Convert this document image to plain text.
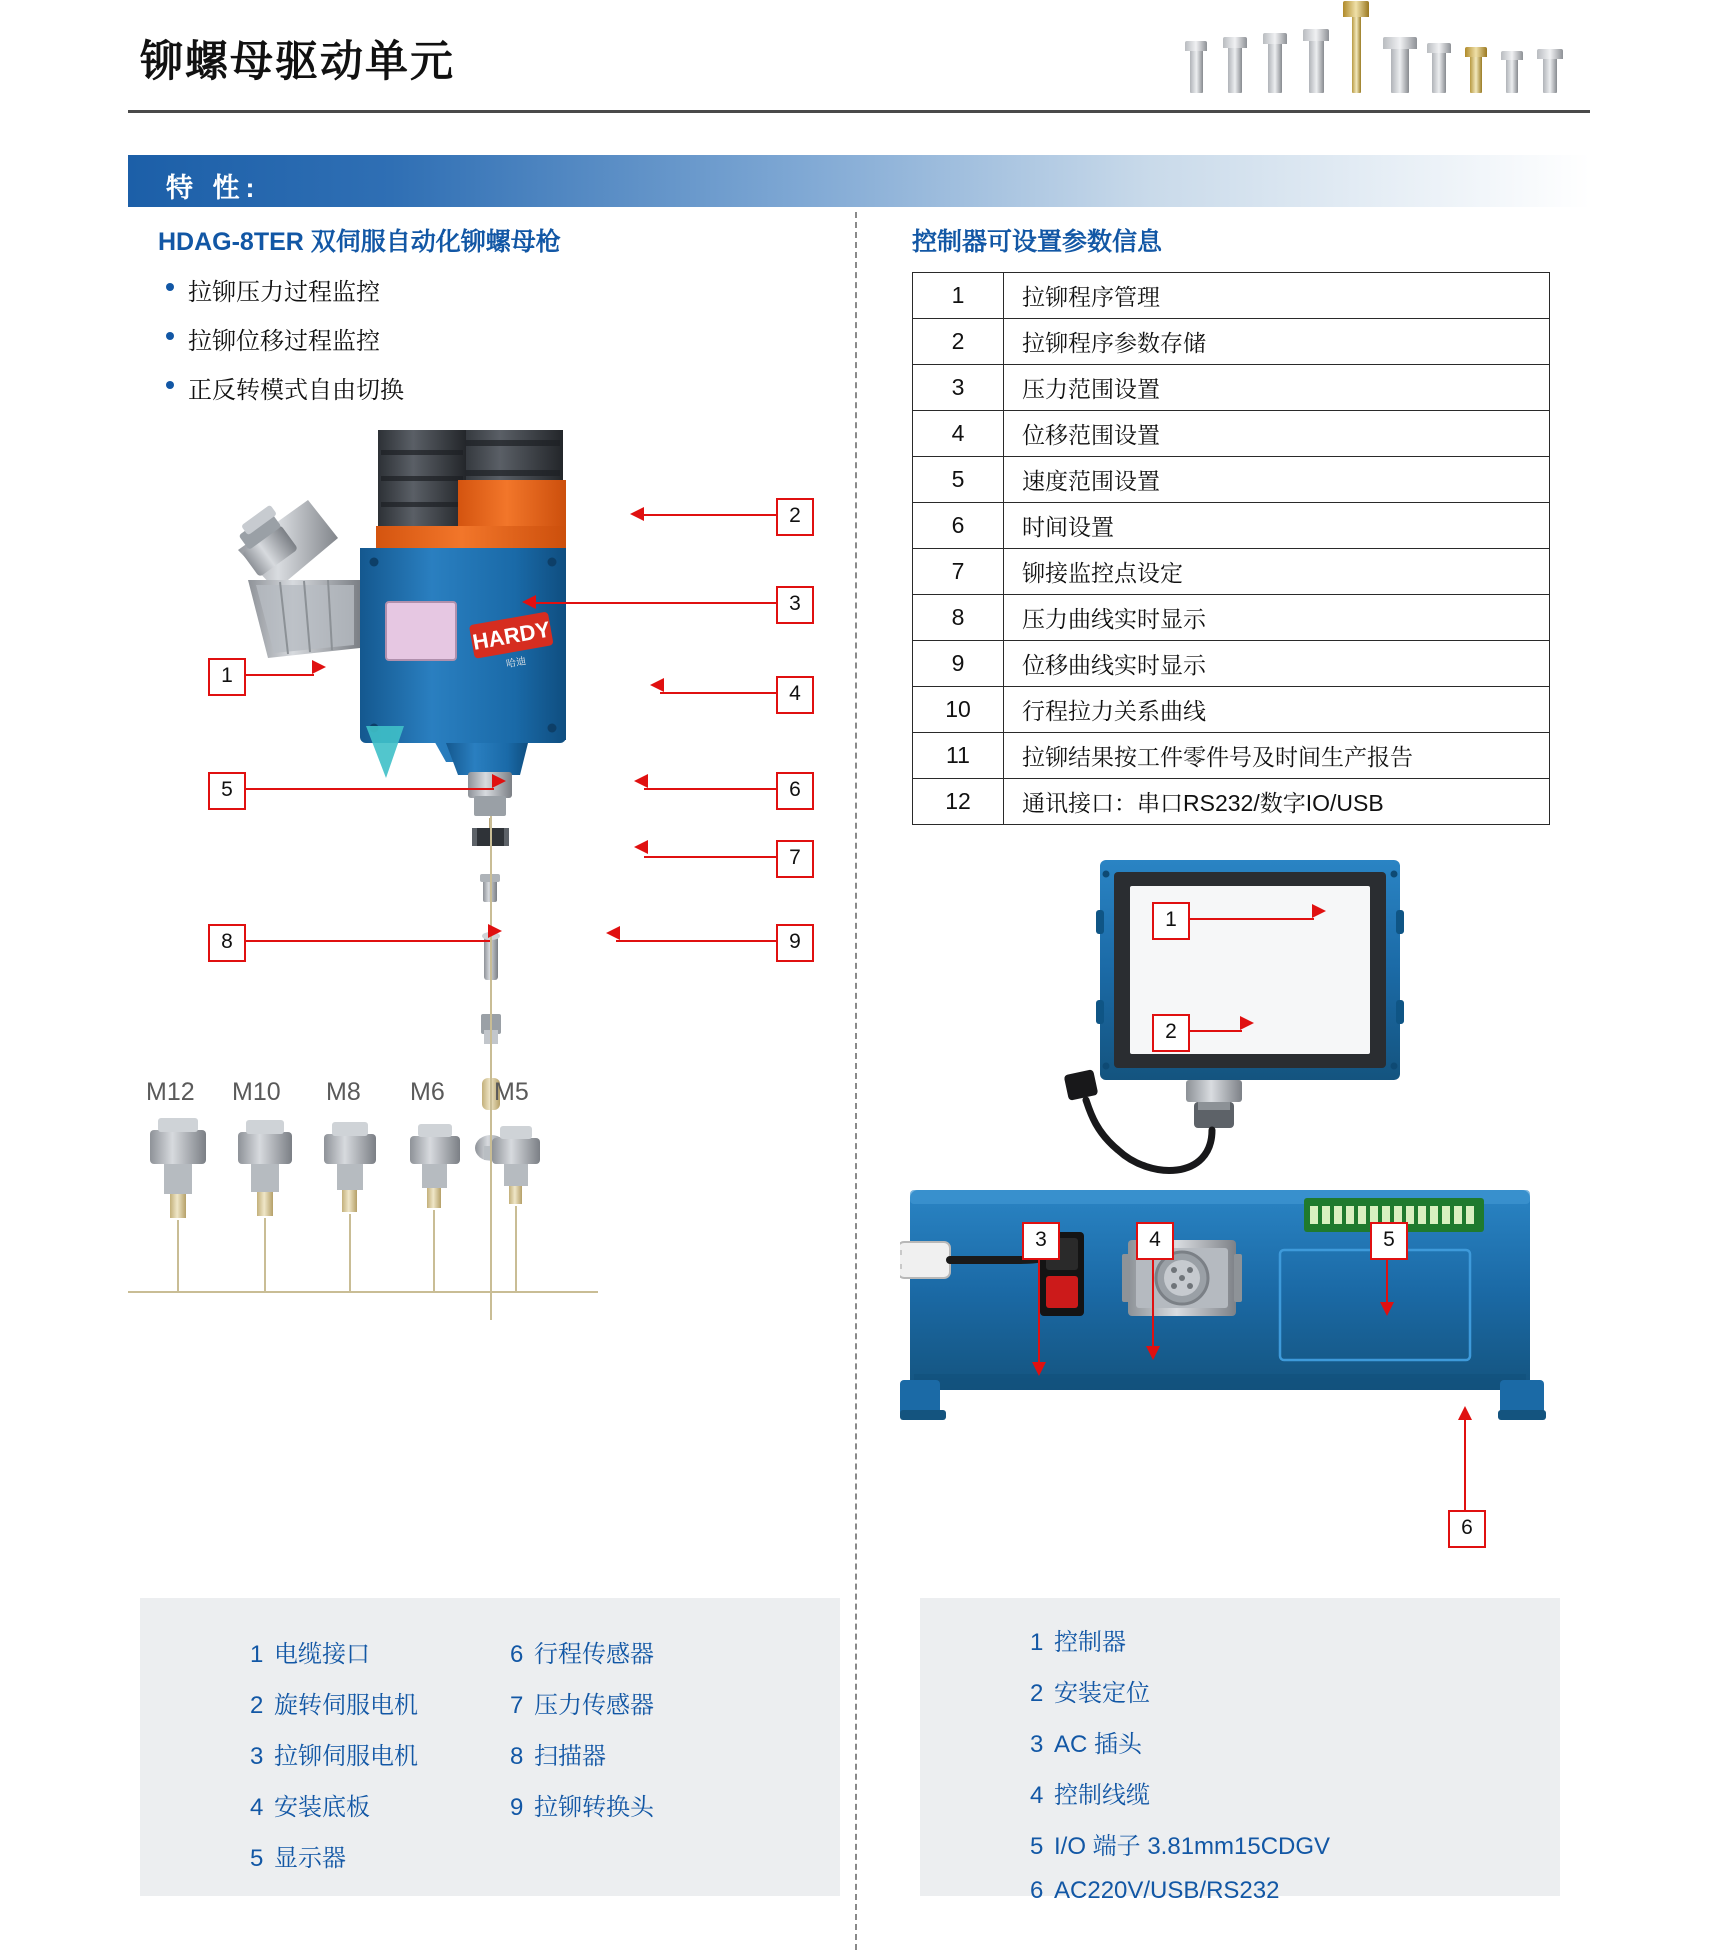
铆螺母驱动单元
特 性:
HDAG-8TER 双伺服自动化铆螺母枪
拉铆压力过程监控
拉铆位移过程监控
正反转模式自由切换
控制器可设置参数信息
1	拉铆程序管理
2	拉铆程序参数存储
3	压力范围设置
4	位移范围设置
5	速度范围设置
6	时间设置
7	铆接监控点设定
8	压力曲线实时显示
9	位移曲线实时显示
10	行程拉力关系曲线
11	拉铆结果按工件零件号及时间生产报告
12	通讯接口：串口RS232/数字IO/USB
HARDY
哈迪
M12 M10 M8 M6 M5
2
3
1
4
5	6
7
8	9
1
2
3	4	5
6
1 电缆接口
2 旋转伺服电机
3 拉铆伺服电机
4 安装底板
5 显示器
6 行程传感器
7 压力传感器
8 扫描器
9 拉铆转换头
1 控制器
2 安装定位
3 AC 插头
4 控制线缆
5 I/O 端子 3.81mm15CDGV
6 AC220V/USB/RS232
